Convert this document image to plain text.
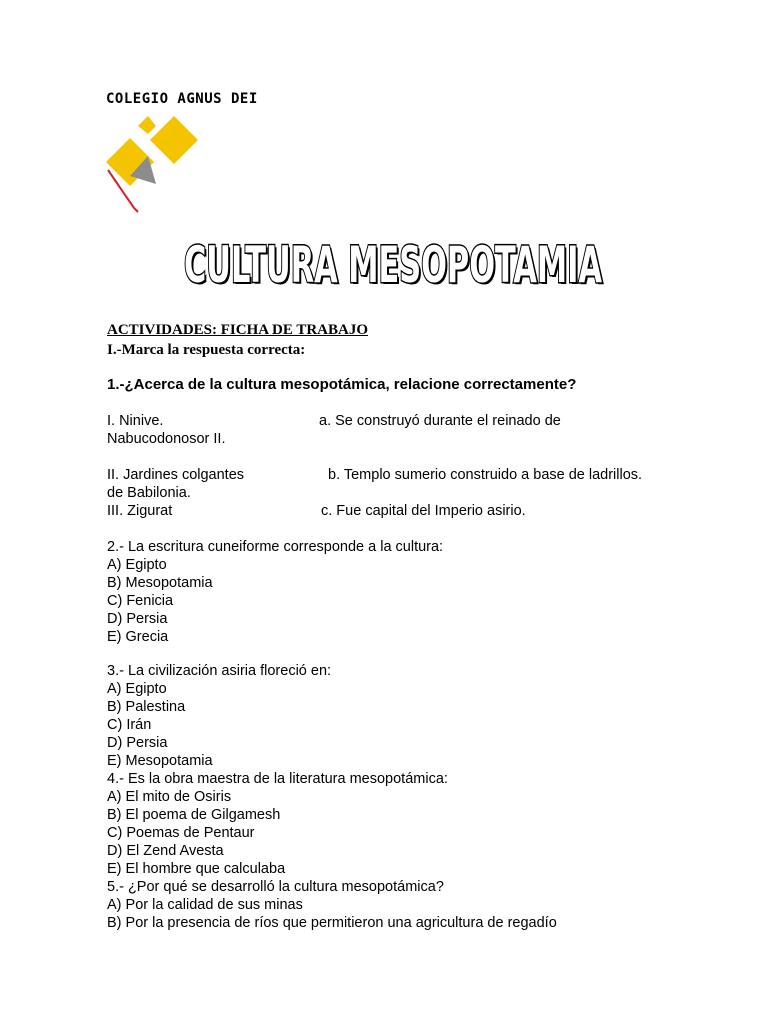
COLEGIO AGNUS DEI
CULTURA MESOPOTAMIA
CULTURA MESOPOTAMIA
ACTIVIDADES: FICHA DE TRABAJO
I.-Marca la respuesta correcta:
1.-¿Acerca de la cultura mesopotámica, relacione correctamente?
I. Ninive.	a. Se construyó durante el reinado de
Nabucodonosor II.
II. Jardines colgantes	b. Templo sumerio construido a base de ladrillos.
de Babilonia.
III. Zigurat	c. Fue capital del Imperio asirio.
2.- La escritura cuneiforme corresponde a la cultura:
A) Egipto
B) Mesopotamia
C) Fenicia
D) Persia
E) Grecia
3.- La civilización asiria floreció en:
A) Egipto
B) Palestina
C) Irán
D) Persia
E) Mesopotamia
4.- Es la obra maestra de la literatura mesopotámica:
A) El mito de Osiris
B) El poema de Gilgamesh
C) Poemas de Pentaur
D) El Zend Avesta
E) El hombre que calculaba
5.- ¿Por qué se desarrolló la cultura mesopotámica?
A) Por la calidad de sus minas
B) Por la presencia de ríos que permitieron una agricultura de regadío
